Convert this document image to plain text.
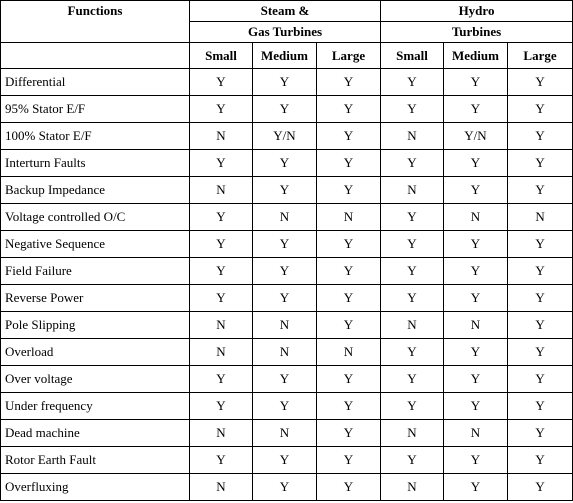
Functions	Steam &			Hydro		
	Gas Turbines			Turbines		
	Small	Medium	Large	Small	Medium	Large
Differential	Y	Y	Y	Y	Y	Y
95% Stator E/F	Y	Y	Y	Y	Y	Y
100% Stator E/F	N	Y/N	Y	N	Y/N	Y
Interturn Faults	Y	Y	Y	Y	Y	Y
Backup Impedance	N	Y	Y	N	Y	Y
Voltage controlled O/C	Y	N	N	Y	N	N
Negative Sequence	Y	Y	Y	Y	Y	Y
Field Failure	Y	Y	Y	Y	Y	Y
Reverse Power	Y	Y	Y	Y	Y	Y
Pole Slipping	N	N	Y	N	N	Y
Overload	N	N	N	Y	Y	Y
Over voltage	Y	Y	Y	Y	Y	Y
Under frequency	Y	Y	Y	Y	Y	Y
Dead machine	N	N	Y	N	N	Y
Rotor Earth Fault	Y	Y	Y	Y	Y	Y
Overfluxing	N	Y	Y	N	Y	Y
